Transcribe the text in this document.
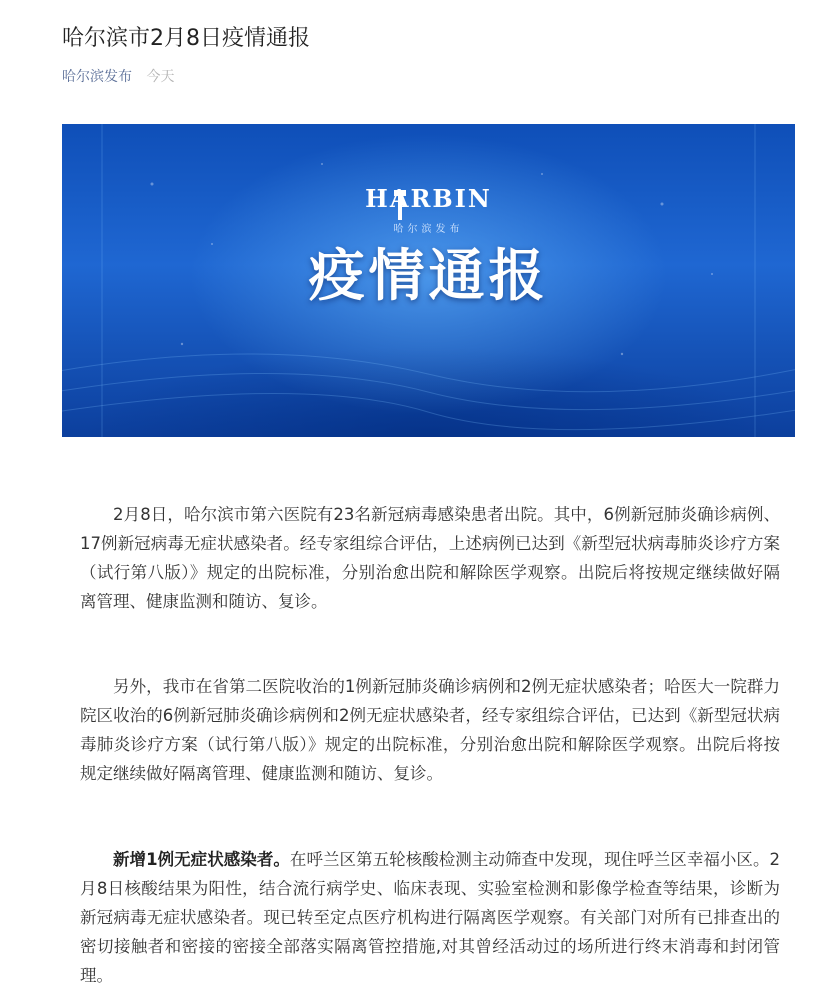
哈尔滨市2月8日疫情通报
哈尔滨发布 今天
HARBIN
哈尔滨发布
疫情通报

2月8日，哈尔滨市第六医院有23名新冠病毒感染患者出院。其中，6例新冠肺炎确诊病例、17例新冠病毒无症状感染者。经专家组综合评估，上述病例已达到《新型冠状病毒肺炎诊疗方案（试行第八版）》规定的出院标准，分别治愈出院和解除医学观察。出院后将按规定继续做好隔离管理、健康监测和随访、复诊。

另外，我市在省第二医院收治的1例新冠肺炎确诊病例和2例无症状感染者；哈医大一院群力院区收治的6例新冠肺炎确诊病例和2例无症状感染者，经专家组综合评估，已达到《新型冠状病毒肺炎诊疗方案（试行第八版）》规定的出院标准，分别治愈出院和解除医学观察。出院后将按规定继续做好隔离管理、健康监测和随访、复诊。

新增1例无症状感染者。在呼兰区第五轮核酸检测主动筛查中发现，现住呼兰区幸福小区。2月8日核酸结果为阳性，结合流行病学史、临床表现、实验室检测和影像学检查等结果，诊断为新冠病毒无症状感染者。现已转至定点医疗机构进行隔离医学观察。有关部门对所有已排查出的密切接触者和密接的密接全部落实隔离管控措施,对其曾经活动过的场所进行终末消毒和封闭管理。
